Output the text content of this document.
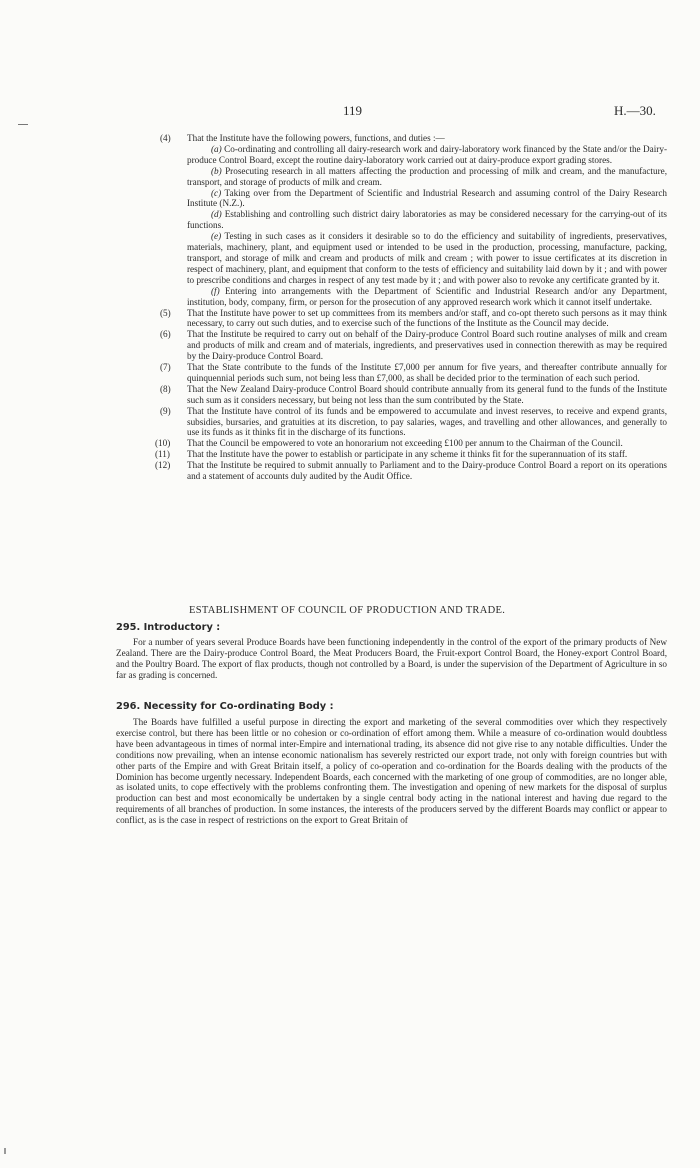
119	H.—30.
(4) That the Institute have the following powers, functions, and duties :—

(a) Co-ordinating and controlling all dairy-research work and dairy-laboratory work financed by the State and/or the Dairy-produce Control Board, except the routine dairy-laboratory work carried out at dairy-produce export grading stores.

(b) Prosecuting research in all matters affecting the production and processing of milk and cream, and the manufacture, transport, and storage of products of milk and cream.

(c) Taking over from the Department of Scientific and Industrial Research and assuming control of the Dairy Research Institute (N.Z.).

(d) Establishing and controlling such district dairy laboratories as may be considered necessary for the carrying-out of its functions.

(e) Testing in such cases as it considers it desirable so to do the efficiency and suitability of ingredients, preservatives, materials, machinery, plant, and equipment used or intended to be used in the production, processing, manufacture, packing, transport, and storage of milk and cream and products of milk and cream ; with power to issue certificates at its discretion in respect of machinery, plant, and equipment that conform to the tests of efficiency and suitability laid down by it ; and with power to prescribe conditions and charges in respect of any test made by it ; and with power also to revoke any certificate granted by it.

(f) Entering into arrangements with the Department of Scientific and Industrial Research and/or any Department, institution, body, company, firm, or person for the prosecution of any approved research work which it cannot itself undertake.

(5) That the Institute have power to set up committees from its members and/or staff, and co-opt thereto such persons as it may think necessary, to carry out such duties, and to exercise such of the functions of the Institute as the Council may decide.

(6) That the Institute be required to carry out on behalf of the Dairy-produce Control Board such routine analyses of milk and cream and products of milk and cream and of materials, ingredients, and preservatives used in connection therewith as may be required by the Dairy-produce Control Board.

(7) That the State contribute to the funds of the Institute £7,000 per annum for five years, and thereafter contribute annually for quinquennial periods such sum, not being less than £7,000, as shall be decided prior to the termination of each such period.

(8) That the New Zealand Dairy-produce Control Board should contribute annually from its general fund to the funds of the Institute such sum as it considers necessary, but being not less than the sum contributed by the State.

(9) That the Institute have control of its funds and be empowered to accumulate and invest reserves, to receive and expend grants, subsidies, bursaries, and gratuities at its discretion, to pay salaries, wages, and travelling and other allowances, and generally to use its funds as it thinks fit in the discharge of its functions.

(10) That the Council be empowered to vote an honorarium not exceeding £100 per annum to the Chairman of the Council.

(11) That the Institute have the power to establish or participate in any scheme it thinks fit for the superannuation of its staff.

(12) That the Institute be required to submit annually to Parliament and to the Dairy-produce Control Board a report on its operations and a statement of accounts duly audited by the Audit Office.

ESTABLISHMENT OF COUNCIL OF PRODUCTION AND TRADE.
295. Introductory :

For a number of years several Produce Boards have been functioning independently in the control of the export of the primary products of New Zealand. There are the Dairy-produce Control Board, the Meat Producers Board, the Fruit-export Control Board, the Honey-export Control Board, and the Poultry Board. The export of flax products, though not controlled by a Board, is under the supervision of the Department of Agriculture in so far as grading is concerned.

296. Necessity for Co-ordinating Body :

The Boards have fulfilled a useful purpose in directing the export and marketing of the several commodities over which they respectively exercise control, but there has been little or no cohesion or co-ordination of effort among them. While a measure of co-ordination would doubtless have been advantageous in times of normal inter-Empire and international trading, its absence did not give rise to any notable difficulties. Under the conditions now prevailing, when an intense economic nationalism has severely restricted our export trade, not only with foreign countries but with other parts of the Empire and with Great Britain itself, a policy of co-operation and co-ordination for the Boards dealing with the products of the Dominion has become urgently necessary. Independent Boards, each concerned with the marketing of one group of commodities, are no longer able, as isolated units, to cope effectively with the problems confronting them. The investigation and opening of new markets for the disposal of surplus production can best and most economically be undertaken by a single central body acting in the national interest and having due regard to the requirements of all branches of production. In some instances, the interests of the producers served by the different Boards may conflict or appear to conflict, as is the case in respect of restrictions on the export to Great Britain of
